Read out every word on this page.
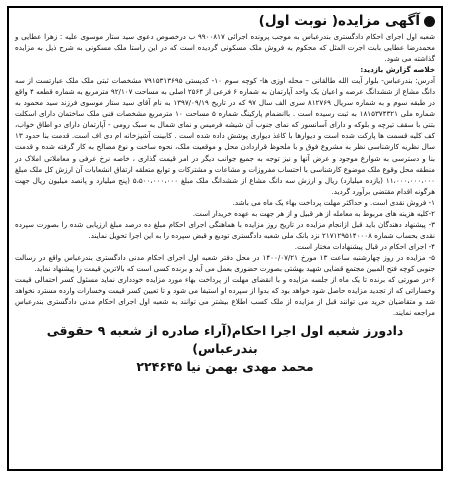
آگهی مزایده( نوبت اول)

شعبه اول اجرای احکام دادگستری بندرعباس به موجب پرونده اجرائی ۹۹۰۰۸۱۷ ب درخصوص دعوی سید ستار موسوی علیه : زهرا عطایی و محمدرضا عطایی بابت اجرت المثل که محکوم به فروش ملک مسکونی گردیده است که در این راستا ملک مسکونی به شرح ذیل به مزایده گذاشته می شود.

خلاصه گزارش بازدید:

آدرس: بندرعباس- بلوار آیت الله طالقانی – محله اوزی ها- کوچه سوم ۱۰- کدپستی ۷۹۱۵۳۱۳۶۹۵ مشخصات ثبتی ملک ملک عبارتست از سه دانگ مشاع از ششدانگ عرصه و اعیان یک واحد آپارتمان به شماره ۶ فرعی از ۲۵۶۴ اصلی به مساحت ۹۲/۱۰۷ مترمربع به شماره قطعه ۴ واقع در طبقه سوم و به شماره سریال ۸۱۲۷۶۹ سری الف سال ۹۷ که در تاریخ ۱۳۹۷/۰۹/۱۹ به نام آقای سید ستار موسوی فرزند سید محمود به شماره ملی ۱۸۱۵۳۷۴۳۲۱ به ثبت رسیده است . باانضمام پارکینگ شماره ۵ مساحت ۱۰ مترمربع مشخصات فنی ملک ساختمان دارای اسکلت بتنی با سقف تیرچه و بلوکه و دارای آسانسور که نمای جنوب آن شیشه فرمیس و نمای شمال به سبک رومی - آپارتمان دارای دو اطاق خواب، کف کلیه قسمت ها پارکت شده است و دیوارها با کاغذ دیواری پوشش داده شده است . کابینت آشپزخانه ام دی اف است. قدمت بنا حدود ۱۳ سال نظریه کارشناسی نظر به مشروع فوق و با ملحوظ قراردادن محل و موقعیت ملک، نحوه ساخت و نوع مصالح به کار گرفته شده و قدمت بنا و دسترسی به شوارع موجود و عرض آنها و نیز توجه به جمیع جوانب دیگر در امر قیمت گذاری ، خاصه نرخ عرفی و معاملاتی املاک در منطقه محل وقوع ملک موضوع کارشناسی با احتساب مفروزات و مشاعات و مشترکات و توابع متعلقه ارتفاق انشعابات آن ارزش کل ملک مبلغ ۱۱،۰۰۰،۰۰۰،۰۰۰ (یازده میلیارد) ریال و ارزش سه دانگ مشاع از ششدانگ ملک مبلغ ۵،۵۰۰،۰۰۰،۰۰۰ (پنج میلیارد و پانصد میلیون ریال جهت هرگونه اقدام مقتضی برآورد گردید.

۱- فروش نقدی است. و حداکثر مهلت پرداخت بهاء یک ماه می باشد.

۲-کلیه هزینه های مربوط به معامله از هر قبیل و از هر جهت به عهده خریدار است.

۳- پیشنهاد دهندگان باید قبل ازانجام مزایده در تاریخ روز مزایده با هماهنگی اجرای احکام مبلغ ده درصد مبلغ ارزیابی شده را بصورت سپرده نقدی بحساب شماره ۲۱۷۱۲۹۵۱۴۰۰۰۸ نزد بانک ملی شعبه دادگستری تودیع و قبض سپرده را به این اجرا تحویل نمایند.

۴- اجرای احکام در قبال پیشنهادات مختار است.

۵- مزایده در روز چهارشنبه ساعت ۱۳ مورخ ۱۴۰۰/۰۷/۲۱ در محل دفتر شعبه اول اجرای احکام مدنی دادگستری بندرعباس واقع در رسالت جنوبی کوچه فتح المبین مجتمع قضایی شهید بهشتی بصورت حضوری بعمل می آید و برنده کسی است که بالاترین قیمت را پیشنهاد نماید.

۶-در صورتی که برنده تا یک ماه از جلسه مزایده و با انقضای مهلت از پرداخت بهاء مورد مزایده خودداری نماید مسئول کسر احتمالی قیمت وخساراتی که از تجدید مزایده حاصل شود خواهد بود که بدوا از سپرده او استیفا می شود و تا تعیین کسر قیمت وخسارات وارده مسترد نخواهد شد و متقاضیان خرید می توانند قبل از مزایده از ملک کسب اطلاع بیشتر می توانند به شعبه اول اجرای احکام مدنی دادگستری بندرعباس مراجعه نمایند.

دادورز شعبه اول اجرا احکام(آراء صادره از شعبه ۹ حقوقی بندرعباس)
محمد مهدی بهمن نیا ۲۲۴۶۴۵
